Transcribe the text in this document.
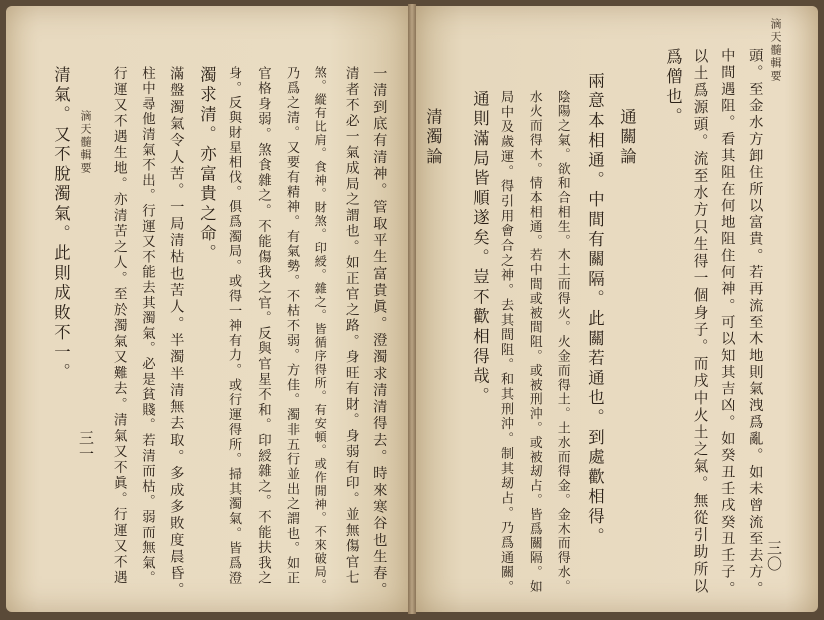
滴天髓輯要
三〇
頭。至金水方卸住所以富貴。若再流至木地則氣洩爲亂。如未曾流至去方。
中間遇阻。看其阻在何地阻住何神。可以知其吉凶。如癸丑壬戌癸丑壬子。
以土爲源頭。流至水方只生得一個身子。而戌中火土之氣。無從引助所以
爲僧也。
通關論
兩意本相通。中間有關隔。此關若通也。到處歡相得。
陰陽之氣。欲和合相生。木土而得火。火金而得土。土水而得金。金木而得水。
水火而得木。情本相通。若中間或被間阻。或被刑沖。或被刼占。皆爲關隔。如
局中及歲運。得引用會合之神。去其間阻。和其刑沖。制其刼占。乃爲通關。
通則滿局皆順遂矣。豈不歡相得哉。
清濁論
滴天髓輯要
三一	一清到底有清神。管取平生富貴眞。澄濁求清清得去。時來寒谷也生春。
清者不必一氣成局之謂也。如正官之路。身旺有財。身弱有印。並無傷官七
煞。縱有比肩。食神。財煞。印綬。雜之。皆循序得所。有安頓。或作閒神。不來破局。
乃爲之清。又要有精神。有氣勢。不枯不弱。方佳。濁非五行並出之謂也。如正
官格身弱。煞食雜之。不能傷我之官。反與官星不和。印綬雜之。不能扶我之
身。反與財星相伐。俱爲濁局。或得一神有力。或行運得所。掃其濁氣。皆爲澄
濁求清。亦富貴之命。
滿盤濁氣令人苦。一局清枯也苦人。半濁半清無去取。多成多敗度晨昏。
柱中尋他清氣不出。行運又不能去其濁氣。必是貧賤。若清而枯。弱而無氣。
行運又不遇生地。亦清苦之人。至於濁氣又難去。清氣又不眞。行運又不遇
清氣。又不脫濁氣。此則成敗不一。
